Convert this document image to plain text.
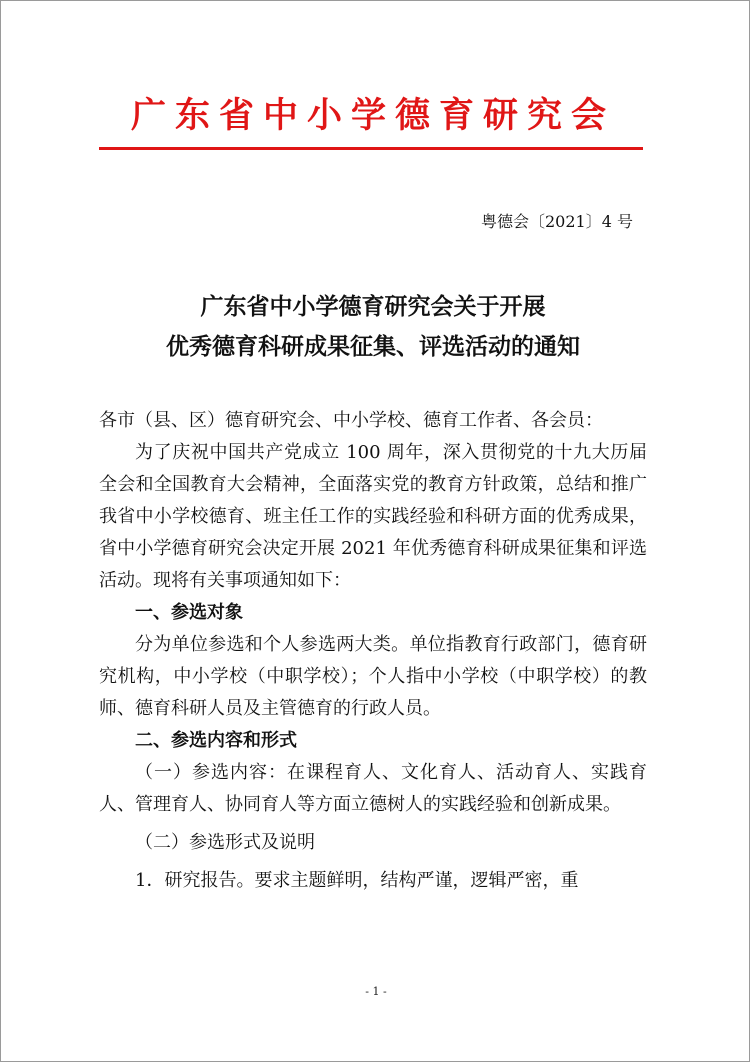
广东省中小学德育研究会
粤德会〔2021〕4 号
广东省中小学德育研究会关于开展
优秀德育科研成果征集、评选活动的通知

各市（县、区）德育研究会、中小学校、德育工作者、各会员：

为了庆祝中国共产党成立 100 周年，深入贯彻党的十九大历届全会和全国教育大会精神，全面落实党的教育方针政策，总结和推广我省中小学校德育、班主任工作的实践经验和科研方面的优秀成果，省中小学德育研究会决定开展 2021 年优秀德育科研成果征集和评选活动。现将有关事项通知如下：

一、参选对象

分为单位参选和个人参选两大类。单位指教育行政部门，德育研究机构，中小学校（中职学校）；个人指中小学校（中职学校）的教师、德育科研人员及主管德育的行政人员。

二、参选内容和形式

（一）参选内容：在课程育人、文化育人、活动育人、实践育人、管理育人、协同育人等方面立德树人的实践经验和创新成果。

（二）参选形式及说明

1．研究报告。要求主题鲜明，结构严谨，逻辑严密，重

- 1 -
